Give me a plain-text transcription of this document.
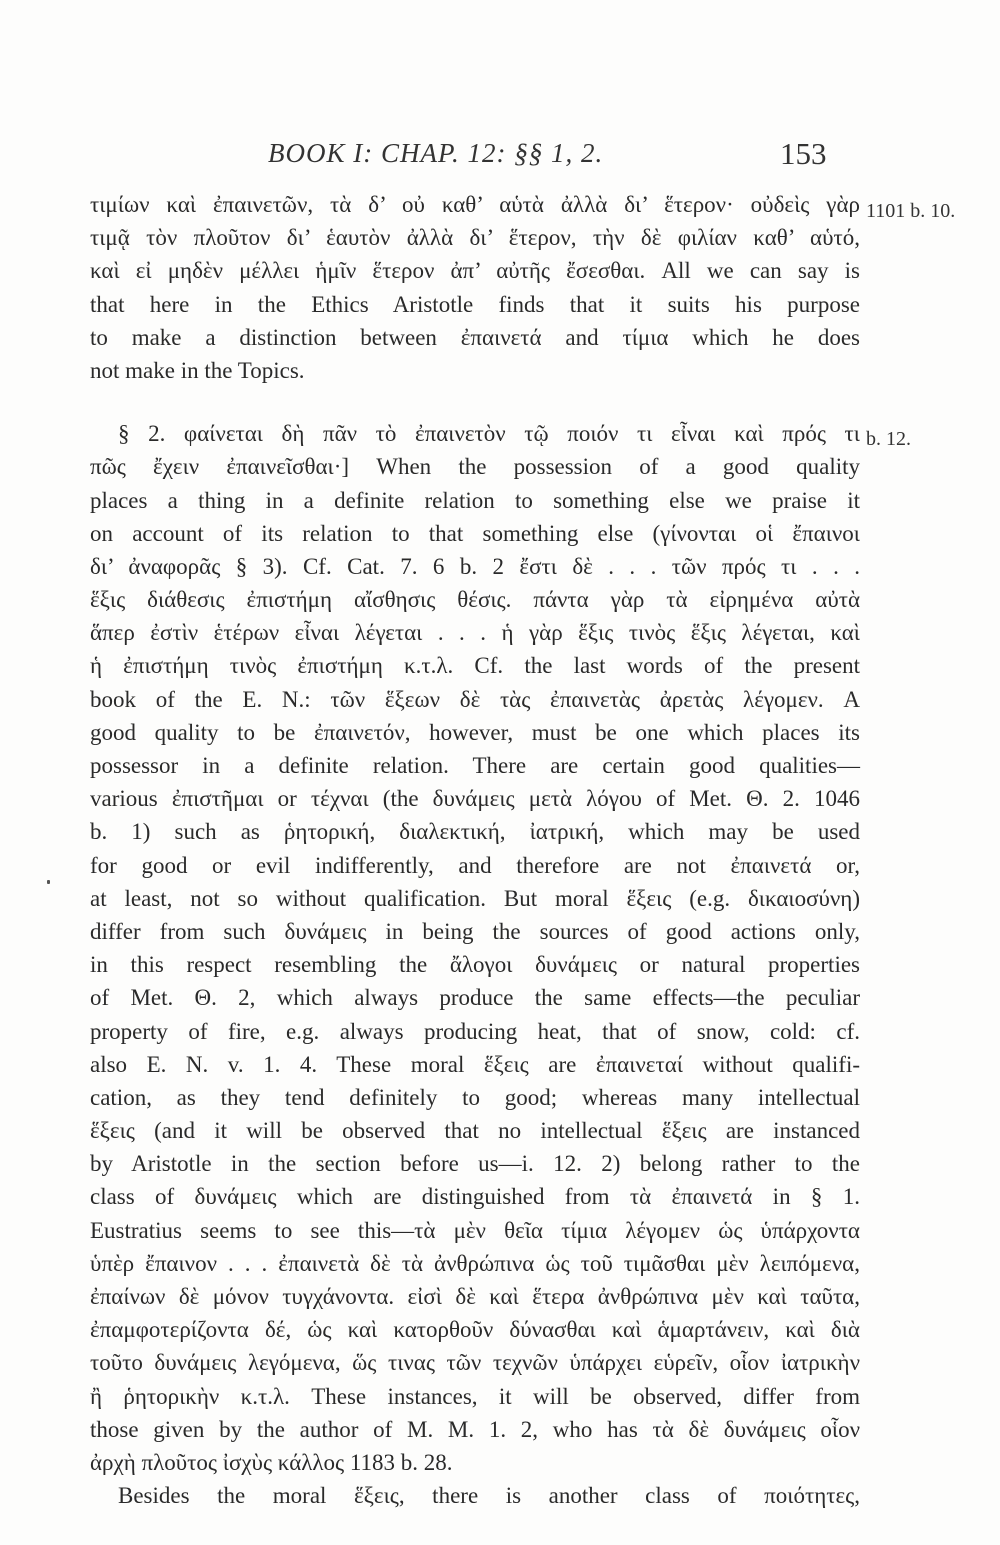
BOOK I: CHAP. 12: §§ 1, 2.	153
1101 b. 10.
b. 12.
τιμίων καὶ ἐπαινετῶν, τὰ δ’ οὐ καθ’ αὑτὰ ἀλλὰ δι’ ἕτερον· οὐδεὶς γὰρ
τιμᾷ τὸν πλοῦτον δι’ ἑαυτὸν ἀλλὰ δι’ ἕτερον, τὴν δὲ φιλίαν καθ’ αὑτό,
καὶ εἰ μηδὲν μέλλει ἡμῖν ἕτερον ἀπ’ αὐτῆς ἔσεσθαι. All we can say is
that here in the Ethics Aristotle finds that it suits his purpose
to make a distinction between ἐπαινετά and τίμια which he does
not make in the Topics.
§ 2. φαίνεται δὴ πᾶν τὸ ἐπαινετὸν τῷ ποιόν τι εἶναι καὶ πρός τι
πῶς ἔχειν ἐπαινεῖσθαι·] When the possession of a good quality
places a thing in a definite relation to something else we praise it
on account of its relation to that something else (γίνονται οἱ ἔπαινοι
δι’ ἀναφορᾶς § 3). Cf. Cat. 7. 6 b. 2 ἔστι δὲ . . . τῶν πρός τι . . .
ἕξις διάθεσις ἐπιστήμη αἴσθησις θέσις. πάντα γὰρ τὰ εἰρημένα αὐτὰ
ἅπερ ἐστὶν ἑτέρων εἶναι λέγεται . . . ἡ γὰρ ἕξις τινὸς ἕξις λέγεται, καὶ
ἡ ἐπιστήμη τινὸς ἐπιστήμη κ.τ.λ. Cf. the last words of the present
book of the E. N.: τῶν ἕξεων δὲ τὰς ἐπαινετὰς ἀρετὰς λέγομεν. A
good quality to be ἐπαινετόν, however, must be one which places its
possessor in a definite relation. There are certain good qualities—
various ἐπιστῆμαι or τέχναι (the δυνάμεις μετὰ λόγου of Met. Θ. 2. 1046
b. 1) such as ῥητορική, διαλεκτική, ἰατρική, which may be used
for good or evil indifferently, and therefore are not ἐπαινετά or,
at least, not so without qualification. But moral ἕξεις (e.g. δικαιοσύνη)
differ from such δυνάμεις in being the sources of good actions only,
in this respect resembling the ἄλογοι δυνάμεις or natural properties
of Met. Θ. 2, which always produce the same effects—the peculiar
property of fire, e.g. always producing heat, that of snow, cold: cf.
also E. N. v. 1. 4. These moral ἕξεις are ἐπαινεταί without qualifi-
cation, as they tend definitely to good; whereas many intellectual
ἕξεις (and it will be observed that no intellectual ἕξεις are instanced
by Aristotle in the section before us—i. 12. 2) belong rather to the
class of δυνάμεις which are distinguished from τὰ ἐπαινετά in § 1.
Eustratius seems to see this—τὰ μὲν θεῖα τίμια λέγομεν ὡς ὑπάρχοντα
ὑπὲρ ἔπαινον . . . ἐπαινετὰ δὲ τὰ ἀνθρώπινα ὡς τοῦ τιμᾶσθαι μὲν λειπόμενα,
ἐπαίνων δὲ μόνον τυγχάνοντα. εἰσὶ δὲ καὶ ἕτερα ἀνθρώπινα μὲν καὶ ταῦτα,
ἐπαμφοτερίζοντα δέ, ὡς καὶ κατορθοῦν δύνασθαι καὶ ἁμαρτάνειν, καὶ διὰ
τοῦτο δυνάμεις λεγόμενα, ὥς τινας τῶν τεχνῶν ὑπάρχει εὑρεῖν, οἷον ἰατρικὴν
ἢ ῥητορικὴν κ.τ.λ. These instances, it will be observed, differ from
those given by the author of M. M. 1. 2, who has τὰ δὲ δυνάμεις οἷον
ἀρχὴ πλοῦτος ἰσχὺς κάλλος 1183 b. 28.
Besides the moral ἕξεις, there is another class of ποιότητες,
